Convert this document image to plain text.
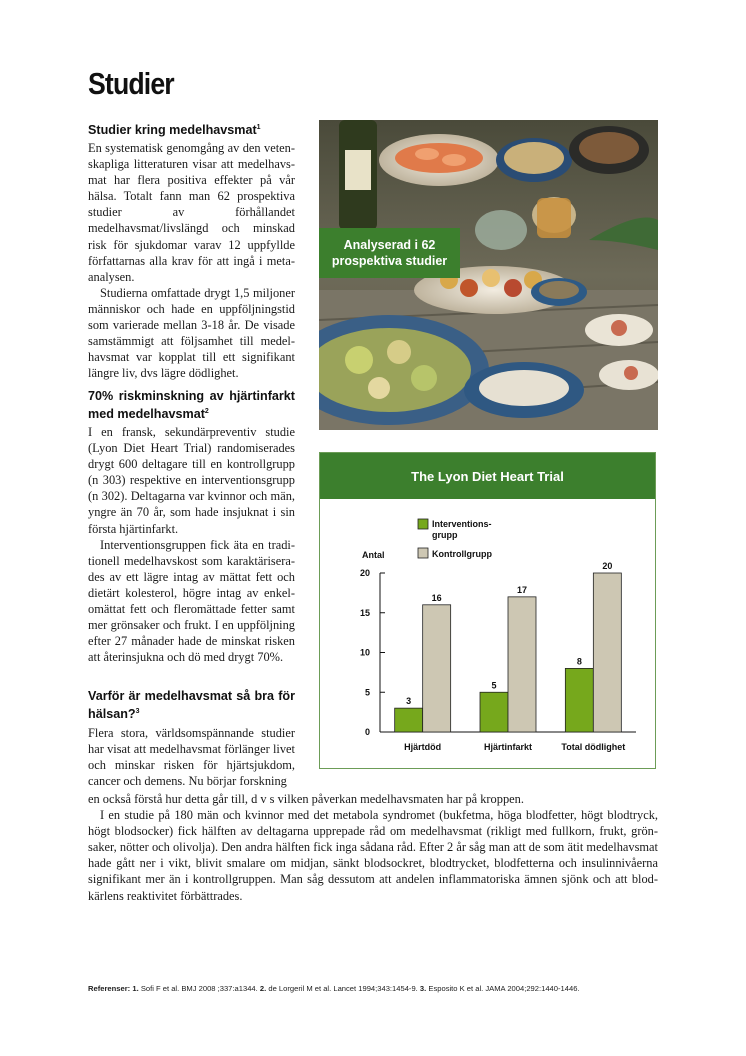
Studier
Studier kring medelhavsmat$^1$

En systematisk genomgång av den vetenskapliga litteraturen visar att medelhavsmat har flera positiva effekter på vår hälsa. Totalt fann man 62 prospektiva studier av förhållandet medelhavsmat/livslängd och minskad risk för sjukdomar varav 12 uppfyllde författarnas alla krav för att ingå i meta-analysen.

Studierna omfattade drygt 1,5 miljoner människor och hade en uppföljningstid som varierade mellan 3-18 år. De visade samstämmigt att följsamhet till medelhavsmat var kopplat till ett signifikant längre liv, dvs lägre dödlighet.

70% riskminskning av hjärtinfarkt med medelhavsmat$^2$

I en fransk, sekundärpreventiv studie (Lyon Diet Heart Trial) randomiserades drygt 600 deltagare till en kontrollgrupp (n 303) respektive en interventionsgrupp (n 302). Deltagarna var kvinnor och män, yngre än 70 år, som hade insjuknat i sin första hjärtinfarkt.

Interventionsgruppen fick äta en traditionell medelhavskost som karaktäriserades av ett lägre intag av mättat fett och dietärt kolesterol, högre intag av enkelomättat fett och fleromättade fetter samt mer grönsaker och frukt. I en uppföljning efter 27 månader hade de minskat risken att återinsjukna och dö med drygt 70%.

Varför är medelhavsmat så bra för hälsan?$^3$

Flera stora, världsomspännande studier har visat att medelhavsmat förlänger livet och minskar risken för hjärtsjukdom, cancer och demens. Nu börjar forskning

en också förstå hur detta går till, d v s vilken påverkan medelhavsmaten har på kroppen.

I en studie på 180 män och kvinnor med det metabola syndromet (bukfetma, höga blodfetter, högt blodtryck, högt blodsocker) fick hälften av deltagarna upprepade råd om medelhavsmat (rikligt med fullkorn, frukt, grönsaker, nötter och olivolja). Den andra hälften fick inga sådana råd. Efter 2 år såg man att de som ätit medelhavsmat hade gått ner i vikt, blivit smalare om midjan, sänkt blodsockret, blodtrycket, blodfetterna och insulinnivåerna signifikant mer än i kontrollgruppen. Man såg dessutom att andelen inflammatoriska ämnen sjönk och att blodkärlens reaktivitet förbättrades.

Analyserad i 62
prospektiva studier
The Lyon Diet Heart Trial
Interventions-grupp
Kontrollgrupp
Antal
0
5
10
15
20
3
16
Hjärtdöd
5
17
Hjärtinfarkt
8
20
Total dödlighet
Referenser: 1. Sofi F et al. BMJ 2008 ;337:a1344. 2. de Lorgeril M et al. Lancet 1994;343:1454-9. 3. Esposito K et al. JAMA 2004;292:1440-1446.
